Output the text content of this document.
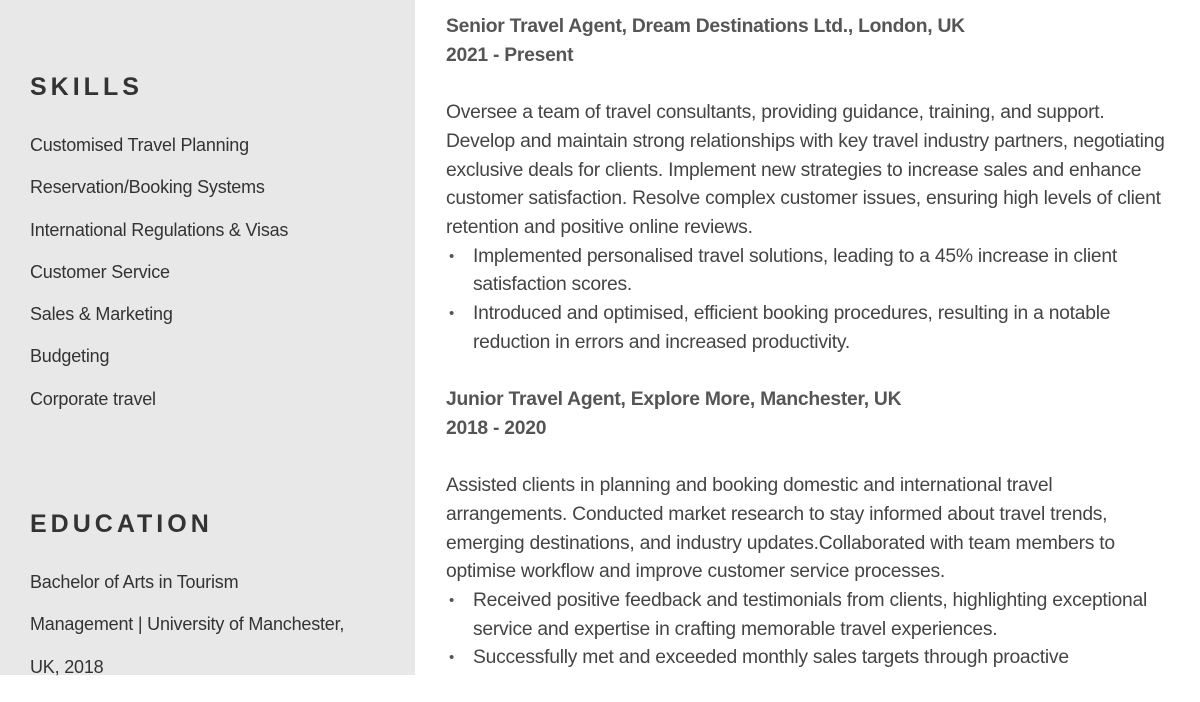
SKILLS
Customised Travel Planning
Reservation/Booking Systems
International Regulations & Visas
Customer Service
Sales & Marketing
Budgeting
Corporate travel
EDUCATION
Bachelor of Arts in Tourism
Management | University of Manchester,
UK, 2018
Senior Travel Agent, Dream Destinations Ltd., London, UK
2021 - Present
Oversee a team of travel consultants, providing guidance, training, and support. Develop and maintain strong relationships with key travel industry partners, negotiating exclusive deals for clients. Implement new strategies to increase sales and enhance customer satisfaction. Resolve complex customer issues, ensuring high levels of client retention and positive online reviews.
• Implemented personalised travel solutions, leading to a 45% increase in client satisfaction scores.
• Introduced and optimised, efficient booking procedures, resulting in a notable reduction in errors and increased productivity.
Junior Travel Agent, Explore More, Manchester, UK
2018 - 2020
Assisted clients in planning and booking domestic and international travel arrangements. Conducted market research to stay informed about travel trends, emerging destinations, and industry updates.Collaborated with team members to optimise workflow and improve customer service processes.
• Received positive feedback and testimonials from clients, highlighting exceptional service and expertise in crafting memorable travel experiences.
• Successfully met and exceeded monthly sales targets through proactive
